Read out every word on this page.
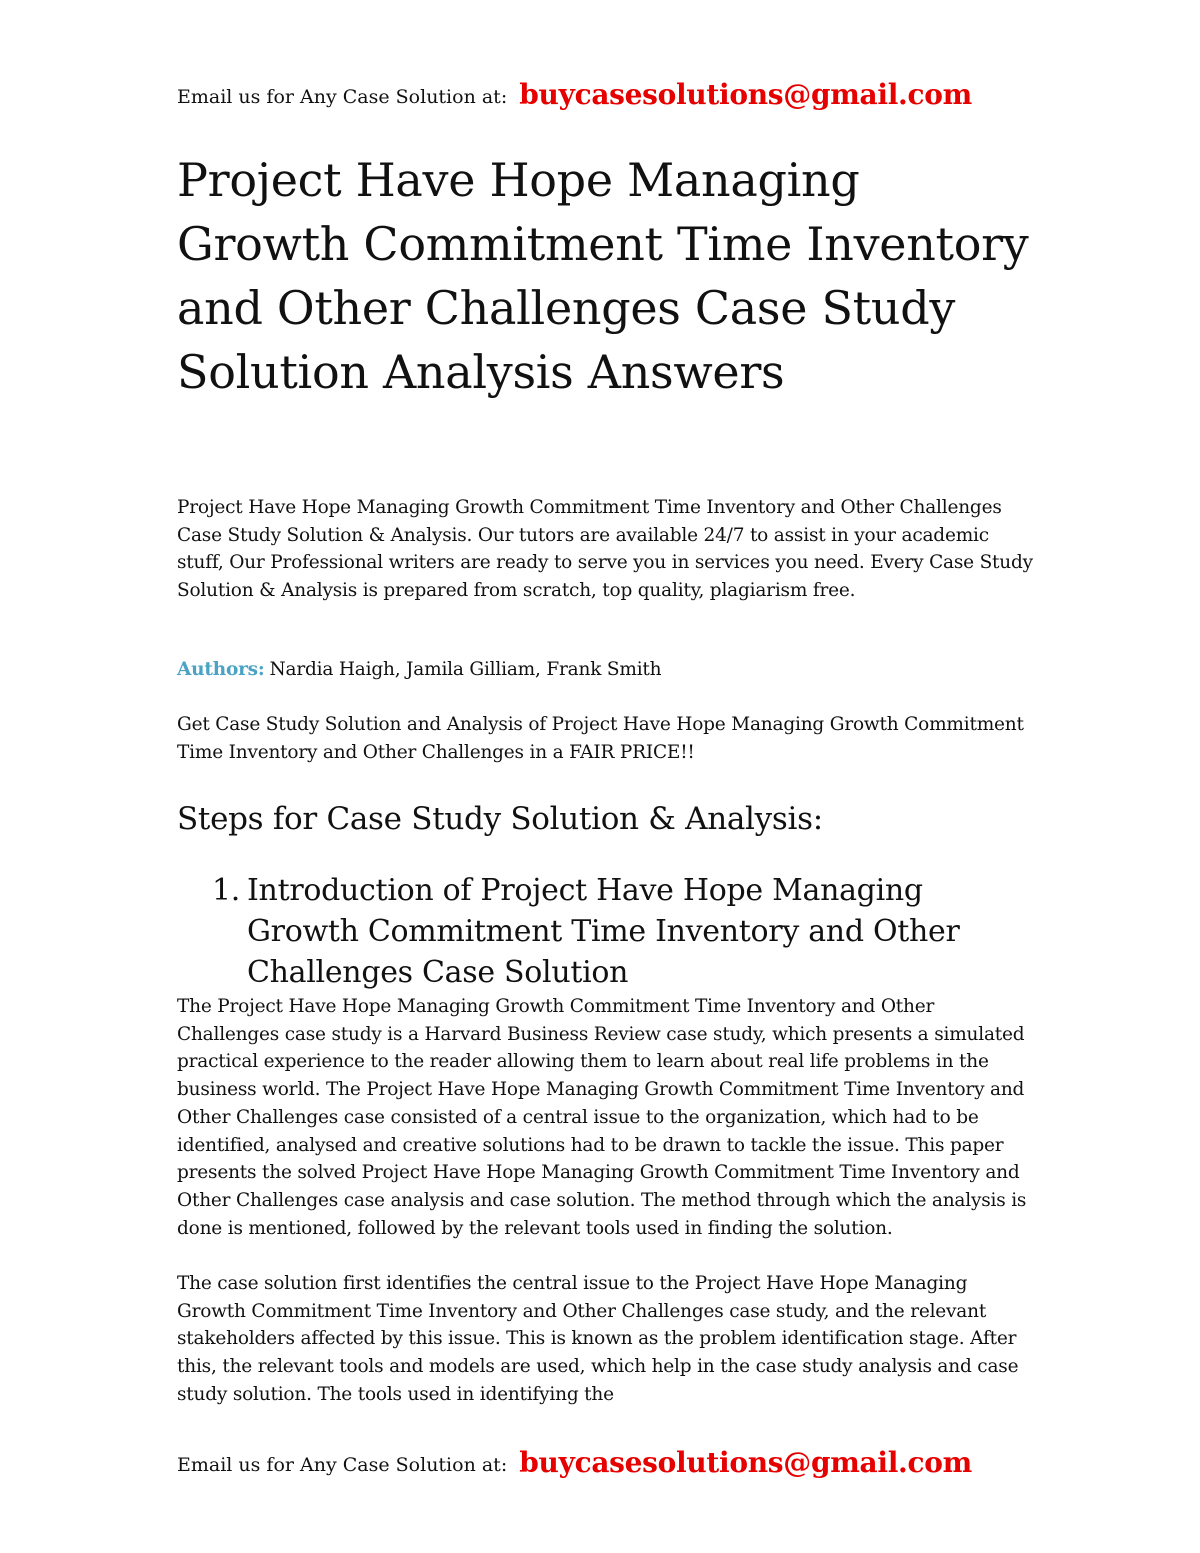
Email us for Any Case Solution at: buycasesolutions@gmail.com
Project Have Hope Managing Growth Commitment Time Inventory and Other Challenges Case Study Solution Analysis Answers

Project Have Hope Managing Growth Commitment Time Inventory and Other Challenges Case Study Solution & Analysis. Our tutors are available 24/7 to assist in your academic stuff, Our Professional writers are ready to serve you in services you need. Every Case Study Solution & Analysis is prepared from scratch, top quality, plagiarism free.

Authors: Nardia Haigh, Jamila Gilliam, Frank Smith

Get Case Study Solution and Analysis of Project Have Hope Managing Growth Commitment Time Inventory and Other Challenges in a FAIR PRICE!!

Steps for Case Study Solution & Analysis:
1. Introduction of Project Have Hope Managing Growth Commitment Time Inventory and Other Challenges Case Solution

The Project Have Hope Managing Growth Commitment Time Inventory and Other Challenges case study is a Harvard Business Review case study, which presents a simulated practical experience to the reader allowing them to learn about real life problems in the business world. The Project Have Hope Managing Growth Commitment Time Inventory and Other Challenges case consisted of a central issue to the organization, which had to be identified, analysed and creative solutions had to be drawn to tackle the issue. This paper presents the solved Project Have Hope Managing Growth Commitment Time Inventory and Other Challenges case analysis and case solution. The method through which the analysis is done is mentioned, followed by the relevant tools used in finding the solution.

The case solution first identifies the central issue to the Project Have Hope Managing Growth Commitment Time Inventory and Other Challenges case study, and the relevant stakeholders affected by this issue. This is known as the problem identification stage. After this, the relevant tools and models are used, which help in the case study analysis and case study solution. The tools used in identifying the

Email us for Any Case Solution at: buycasesolutions@gmail.com
